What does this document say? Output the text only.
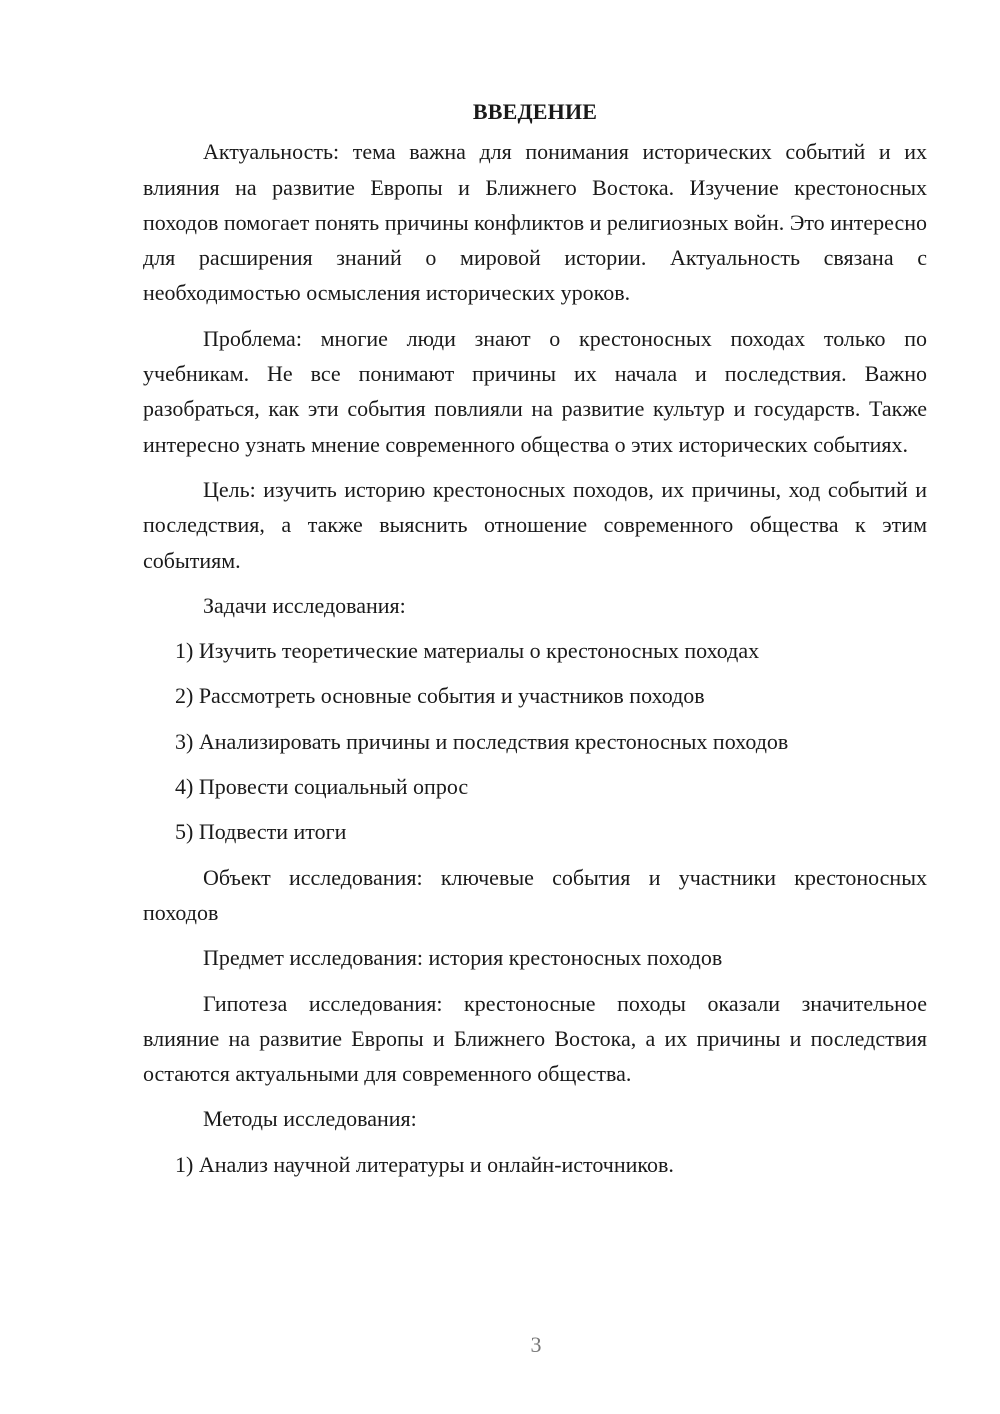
ВВЕДЕНИЕ

Актуальность: тема важна для понимания исторических событий и их влияния на развитие Европы и Ближнего Востока. Изучение крестоносных походов помогает понять причины конфликтов и религиозных войн. Это интересно для расширения знаний о мировой истории. Актуальность связана с необходимостью осмысления исторических уроков.

Проблема: многие люди знают о крестоносных походах только по учебникам. Не все понимают причины их начала и последствия. Важно разобраться, как эти события повлияли на развитие культур и государств. Также интересно узнать мнение современного общества о этих исторических событиях.

Цель: изучить историю крестоносных походов, их причины, ход событий и последствия, а также выяснить отношение современного общества к этим событиям.

Задачи исследования:
1) Изучить теоретические материалы о крестоносных походах
2) Рассмотреть основные события и участников походов
3) Анализировать причины и последствия крестоносных походов
4) Провести социальный опрос
5) Подвести итоги

Объект исследования: ключевые события и участники крестоносных походов

Предмет исследования: история крестоносных походов

Гипотеза исследования: крестоносные походы оказали значительное влияние на развитие Европы и Ближнего Востока, а их причины и последствия остаются актуальными для современного общества.

Методы исследования:
1) Анализ научной литературы и онлайн-источников.
3
